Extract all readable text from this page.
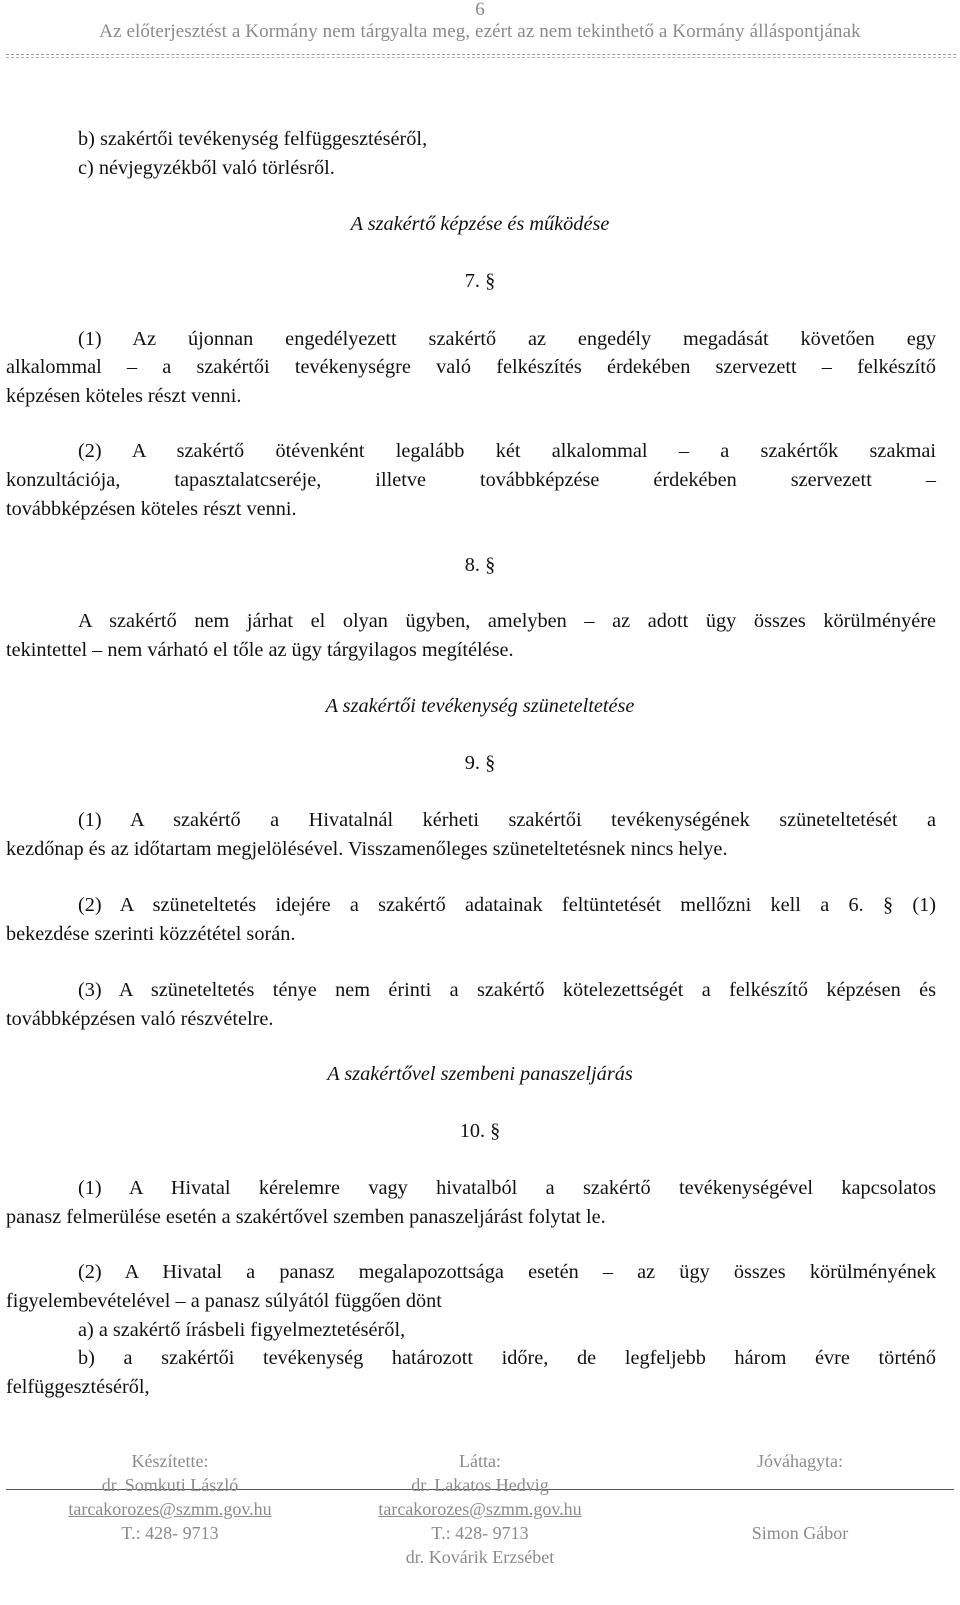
6
Az előterjesztést a Kormány nem tárgyalta meg, ezért az nem tekinthető a Kormány álláspontjának
b) szakértői tevékenység felfüggesztéséről,
c) névjegyzékből való törlésről.
A szakértő képzése és működése
7. §
(1) Az újonnan engedélyezett szakértő az engedély megadását követően egy
alkalommal – a szakértői tevékenységre való felkészítés érdekében szervezett – felkészítő
képzésen köteles részt venni.
(2) A szakértő ötévenként legalább két alkalommal – a szakértők szakmai
konzultációja, tapasztalatcseréje, illetve továbbképzése érdekében szervezett –
továbbképzésen köteles részt venni.
8. §
A szakértő nem járhat el olyan ügyben, amelyben – az adott ügy összes körülményére
tekintettel – nem várható el tőle az ügy tárgyilagos megítélése.
A szakértői tevékenység szüneteltetése
9. §
(1) A szakértő a Hivatalnál kérheti szakértői tevékenységének szüneteltetését a
kezdőnap és az időtartam megjelölésével. Visszamenőleges szüneteltetésnek nincs helye.
(2) A szüneteltetés idejére a szakértő adatainak feltüntetését mellőzni kell a 6. § (1)
bekezdése szerinti közzététel során.
(3) A szüneteltetés ténye nem érinti a szakértő kötelezettségét a felkészítő képzésen és
továbbképzésen való részvételre.
A szakértővel szembeni panaszeljárás
10. §
(1) A Hivatal kérelemre vagy hivatalból a szakértő tevékenységével kapcsolatos
panasz felmerülése esetén a szakértővel szemben panaszeljárást folytat le.
(2) A Hivatal a panasz megalapozottsága esetén – az ügy összes körülményének
figyelembevételével – a panasz súlyától függően dönt
a) a szakértő írásbeli figyelmeztetéséről,
b) a szakértői tevékenység határozott időre, de legfeljebb három évre történő
felfüggesztéséről,
Készítette:
dr. Somkuti László
tarcakorozes@szmm.gov.hu
T.: 428- 9713
Látta:
dr. Lakatos Hedvig
tarcakorozes@szmm.gov.hu
T.: 428- 9713
dr. Kovárik Erzsébet
Jóváhagyta:
Simon Gábor
